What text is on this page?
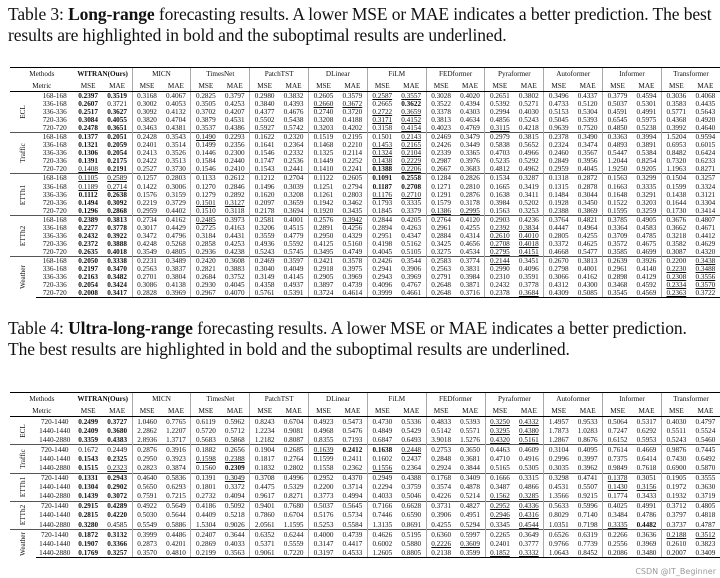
Table 3: Long-range forecasting results. A lower MSE or MAE indicates a better prediction. The best results are highlighted in bold and the suboptimal results are underlined.
Methods		WITRAN(Ours)		MICN		TimesNet		PatchTST		DLinear		FiLM		FEDformer		Pyraformer		Autoformer		Informer		Transformer	
Metric		MSE	MAE	MSE	MAE	MSE	MAE	MSE	MAE	MSE	MAE	MSE	MAE	MSE	MAE	MSE	MAE	MSE	MAE	MSE	MAE	MSE	MAE
ECL	168-168	0.2397	0.3519	0.3168	0.4067	0.2825	0.3797	0.2980	0.3832	0.2605	0.3579	0.2587	0.3557	0.3028	0.4020	0.2651	0.3802	0.3496	0.4337	0.3779	0.4594	0.3036	0.4068
	336-168	0.2607	0.3721	0.3002	0.4053	0.3505	0.4253	0.3840	0.4393	0.2660	0.3672	0.2665	0.3622	0.3522	0.4394	0.5392	0.5271	0.4733	0.5120	0.5037	0.5301	0.3583	0.4435
	336-336	0.2517	0.3627	0.3092	0.4132	0.3702	0.4207	0.4377	0.4676	0.2740	0.3720	0.2722	0.3659	0.3378	0.4303	0.2994	0.4030	0.5153	0.5304	0.4591	0.4991	0.5771	0.5643
	720-336	0.3084	0.4055	0.3820	0.4704	0.3879	0.4531	0.5502	0.5438	0.3208	0.4188	0.3171	0.4152	0.3813	0.4634	0.4856	0.5243	0.5045	0.5393	0.6545	0.5975	0.4368	0.4920
	720-720	0.2478	0.3651	0.3463	0.4381	0.3537	0.4386	0.5927	0.5742	0.3203	0.4202	0.3158	0.4154	0.4023	0.4769	0.3115	0.4218	0.9639	0.7520	0.4850	0.5238	0.3992	0.4640
Traffic	168-168	0.1377	0.2051	0.2428	0.3543	0.1490	0.2293	0.1622	0.2320	0.1519	0.2195	0.1501	0.2143	0.2469	0.3479	0.2979	0.3815	0.2378	0.3490	0.3363	0.3994	1.5204	0.9594
	336-168	0.1321	0.2059	0.2401	0.3514	0.1499	0.2356	0.1641	0.2364	0.1468	0.2210	0.1453	0.2165	0.2426	0.3449	0.5838	0.5652	0.2324	0.3474	0.4893	0.3891	0.6953	0.6015
	336-336	0.1306	0.2054	0.2413	0.3526	0.1446	0.2300	0.1546	0.2332	0.1325	0.2114	0.1324	0.2104	0.2339	0.3365	0.4703	0.4966	0.2460	0.3567	0.5447	0.5384	0.8482	0.6424
	720-336	0.1391	0.2175	0.2422	0.3513	0.1584	0.2440	0.1747	0.2536	0.1449	0.2252	0.1438	0.2229	0.2987	0.3976	0.5235	0.5292	0.2849	0.3956	1.2044	0.8254	0.7320	0.6233
	720-720	0.1408	0.2191	0.2527	0.3730	0.1546	0.2410	0.1543	0.2441	0.1410	0.2241	0.1388	0.2206	0.2667	0.3683	0.4812	0.4962	0.2959	0.4045	1.9250	0.9205	1.1963	0.8271
ETTh1	168-168	0.1105	0.2589	0.1257	0.2803	0.1133	0.2612	0.1212	0.2704	0.1122	0.2605	0.1091	0.2558	0.1284	0.2826	0.1534	0.3287	0.1318	0.2872	0.1563	0.3299	0.1504	0.3257
	336-168	0.1189	0.2714	0.1422	0.3006	0.1270	0.2846	0.1496	0.3039	0.1251	0.2794	0.1187	0.2708	0.1271	0.2810	0.1665	0.3419	0.1315	0.2878	0.1663	0.3335	0.1599	0.3324
	336-336	0.1112	0.2638	0.1576	0.3159	0.1279	0.2892	0.1620	0.3208	0.1261	0.2803	0.1176	0.2710	0.1291	0.2876	0.1638	0.3411	0.1484	0.3044	0.1648	0.3291	0.1438	0.3121
	720-336	0.1494	0.3092	0.2219	0.3729	0.1501	0.3127	0.2097	0.3659	0.1942	0.3462	0.1793	0.3335	0.1579	0.3178	0.3984	0.5202	0.1928	0.3450	0.1522	0.3203	0.1644	0.3304
	720-720	0.1296	0.2868	0.2959	0.4402	0.1510	0.3118	0.2178	0.3694	0.1920	0.3435	0.1845	0.3379	0.1386	0.2995	0.1563	0.3253	0.2388	0.3869	0.1595	0.3259	0.1730	0.3414
ETTh2	168-168	0.2389	0.3813	0.2734	0.4162	0.2485	0.3973	0.2581	0.4001	0.2576	0.3942	0.2844	0.4205	0.2764	0.4120	0.2903	0.4236	0.3764	0.4821	0.3785	0.4905	0.3676	0.4807
	336-168	0.2277	0.3778	0.3017	0.4429	0.2725	0.4163	0.3206	0.4515	0.2891	0.4256	0.2894	0.4263	0.2961	0.4255	0.2392	0.3834	0.4447	0.4964	0.3364	0.4583	0.3662	0.4671
	336-336	0.2432	0.3922	0.3472	0.4796	0.3184	0.4431	0.3559	0.4779	0.2950	0.4329	0.2951	0.4347	0.2884	0.4314	0.2610	0.4010	0.2805	0.4255	0.3709	0.4785	0.3218	0.4412
	720-336	0.2372	0.3888	0.4248	0.5268	0.2858	0.4253	0.4936	0.5592	0.4125	0.5160	0.4198	0.5162	0.3425	0.4656	0.2708	0.4018	0.3372	0.4625	0.3572	0.4675	0.3582	0.4629
	720-720	0.2635	0.4018	0.3549	0.4805	0.2936	0.4238	0.5243	0.5745	0.3495	0.4749	0.4045	0.5105	0.3275	0.4534	0.2795	0.4151	0.4668	0.5477	0.3585	0.4699	0.3087	0.4320
Weather	168-168	0.2050	0.3338	0.2231	0.3489	0.2420	0.3608	0.2469	0.3597	0.2421	0.3578	0.2426	0.3544	0.2583	0.3774	0.2144	0.3451	0.2670	0.3813	0.2639	0.3926	0.2200	0.3438
	336-168	0.2197	0.3470	0.2563	0.3837	0.2821	0.3883	0.3040	0.4049	0.2918	0.3975	0.2941	0.3906	0.2563	0.3831	0.2990	0.4096	0.2798	0.4001	0.2961	0.4140	0.2230	0.3488
	336-336	0.2163	0.3482	0.2701	0.3804	0.2684	0.3752	0.3149	0.4145	0.2905	0.3969	0.2943	0.3969	0.2791	0.3984	0.2310	0.3591	0.3066	0.4162	0.2898	0.4129	0.2308	0.3556
	720-336	0.2054	0.3424	0.3086	0.4138	0.2930	0.4045	0.4358	0.4937	0.3897	0.4739	0.4096	0.4767	0.2648	0.3871	0.2432	0.3778	0.4312	0.4300	0.3468	0.4592	0.2334	0.3570
	720-720	0.2008	0.3417	0.2828	0.3969	0.2967	0.4070	0.5761	0.5391	0.3724	0.4614	0.3999	0.4661	0.2648	0.3716	0.2378	0.3684	0.4309	0.5085	0.3545	0.4569	0.2363	0.3722
Table 4: Ultra-long-range forecasting results. A lower MSE or MAE indicates a better prediction. The best results are highlighted in bold and the suboptimal results are underlined.
Methods		WITRAN(Ours)		MICN		TimesNet		PatchTST		DLinear		FiLM		FEDformer		Pyraformer		Autoformer		Informer		Transformer	
Metric		MSE	MAE	MSE	MAE	MSE	MAE	MSE	MAE	MSE	MAE	MSE	MAE	MSE	MAE	MSE	MAE	MSE	MAE	MSE	MAE	MSE	MAE
ECL	720-1440	0.2499	0.3727	1.0460	0.7765	0.6119	0.5962	0.8243	0.6704	0.4923	0.5473	0.4730	0.5336	0.4833	0.5393	0.3250	0.4332	1.4957	0.9533	0.5064	0.5317	0.4030	0.4797
	1440-1440	0.2409	0.3680	2.2862	1.2207	0.5720	0.5712	1.2234	0.9081	0.4968	0.5476	0.4849	0.5429	0.5142	0.5571	0.3295	0.4380	1.7873	1.0283	0.7247	0.6292	0.5511	0.5524
	1440-2880	0.3359	0.4383	2.8936	1.3717	0.5683	0.5868	1.2182	0.8087	0.8355	0.7193	0.6847	0.6493	3.9018	1.5276	0.4320	0.5161	1.2867	0.8676	0.6152	0.5953	0.5243	0.5460
Traffic	720-1440	0.1672	0.2449	0.2876	0.3916	0.1882	0.2656	0.1904	0.2685	0.1639	0.2412	0.1638	0.2448	0.2753	0.3650	0.4463	0.4609	0.3104	0.4095	0.7614	0.4669	0.9876	0.7445
	1440-1440	0.1543	0.2325	0.2950	0.3923	0.1598	0.2388	0.1817	0.2764	0.1599	0.2411	0.1602	0.2437	0.2848	0.3681	0.4710	0.4916	0.2996	0.3997	0.7375	0.6414	0.7430	0.6492
	1440-2880	0.1515	0.2323	0.2823	0.3874	0.1560	0.2309	0.1832	0.2802	0.1558	0.2362	0.1556	0.2364	0.2924	0.3844	0.5165	0.5305	0.3035	0.3962	0.9849	0.7618	0.6900	0.5870
ETTh1	720-1440	0.1331	0.2943	0.4640	0.5836	0.1391	0.3049	0.3708	0.4996	0.2952	0.4370	0.2949	0.4388	0.1768	0.3409	0.1666	0.3315	0.3298	0.4741	0.1378	0.3051	0.1905	0.3555
	1440-1440	0.1304	0.2902	0.5650	0.6293	0.1801	0.3372	0.4475	0.5329	0.2200	0.3714	0.2294	0.3759	0.3574	0.4878	0.3487	0.4866	0.4531	0.5507	0.1430	0.3156	0.1972	0.3630
	1440-2880	0.1439	0.3072	0.7591	0.7215	0.2732	0.4094	0.9617	0.8271	0.3773	0.4994	0.4033	0.5046	0.4226	0.5214	0.1562	0.3285	1.3566	0.9215	0.1774	0.3433	0.1932	0.3719
ETTh2	720-1440	0.2915	0.4289	0.4922	0.5649	0.4186	0.5092	0.9401	0.7680	0.5037	0.5645	0.7166	0.6628	0.3731	0.4827	0.2952	0.4336	0.5633	0.5996	0.4025	0.4991	0.3712	0.4805
	1440-1440	0.2815	0.4220	0.5030	0.5644	0.4409	0.5218	0.7860	0.6704	0.5176	0.5734	0.7446	0.6590	0.3906	0.4951	0.2946	0.4316	0.8029	0.7140	0.3484	0.4786	0.3797	0.4818
	1440-2880	0.3280	0.4585	0.5549	0.5886	1.5304	0.9026	2.0561	1.1595	0.5253	0.5584	1.3135	0.8691	0.4255	0.5294	0.3345	0.4544	1.0351	0.7198	0.3335	0.4482	0.3737	0.4787
Weather	720-1440	0.1872	0.3132	0.3999	0.4486	0.2407	0.3644	0.6352	0.6244	0.4000	0.4739	0.4626	0.5195	0.6360	0.5997	0.2265	0.3649	0.6526	0.6319	0.2266	0.3636	0.2188	0.3512
	1440-1440	0.1907	0.3366	0.2873	0.4201	0.2869	0.4033	0.5371	0.5559	0.3147	0.4417	0.6002	0.5880	0.2226	0.3609	0.2401	0.3777	0.9766	0.7739	0.2556	0.3969	0.2610	0.3823
	1440-2880	0.1769	0.3257	0.3570	0.4810	0.2199	0.3563	0.9061	0.7220	0.3197	0.4533	1.2605	0.8805	0.2138	0.3599	0.1852	0.3332	1.0643	0.8452	0.2086	0.3480	0.2007	0.3409
CSDN @IT_Beginner
